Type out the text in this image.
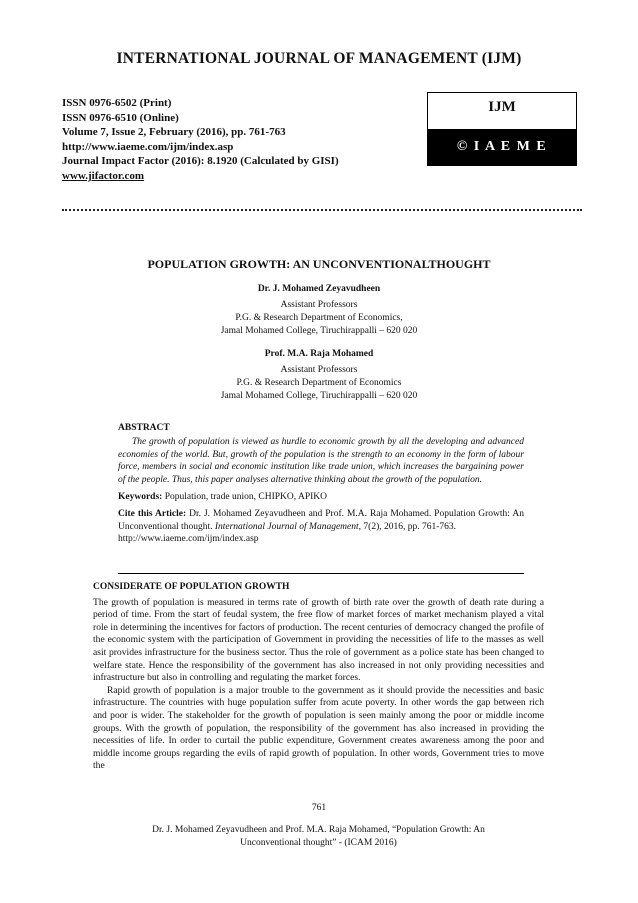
INTERNATIONAL JOURNAL OF MANAGEMENT (IJM)
ISSN 0976-6502 (Print)
ISSN 0976-6510 (Online)
Volume 7, Issue 2, February (2016), pp. 761-763
http://www.iaeme.com/ijm/index.asp
Journal Impact Factor (2016): 8.1920 (Calculated by GISI)
www.jifactor.com
IJM
© I A E M E
POPULATION GROWTH: AN UNCONVENTIONALTHOUGHT
Dr. J. Mohamed Zeyavudheen
Assistant Professors
P.G. & Research Department of Economics,
Jamal Mohamed College, Tiruchirappalli – 620 020
Prof. M.A. Raja Mohamed
Assistant Professors
P.G. & Research Department of Economics
Jamal Mohamed College, Tiruchirappalli – 620 020
ABSTRACT

The growth of population is viewed as hurdle to economic growth by all the developing and advanced economies of the world. But, growth of the population is the strength to an economy in the form of labour force, members in social and economic institution like trade union, which increases the bargaining power of the people. Thus, this paper analyses alternative thinking about the growth of the population.

Keywords: Population, trade union, CHIPKO, APIKO

Cite this Article: Dr. J. Mohamed Zeyavudheen and Prof. M.A. Raja Mohamed. Population Growth: An Unconventional thought. International Journal of Management, 7(2), 2016, pp. 761-763.

http://www.iaeme.com/ijm/index.asp

CONSIDERATE OF POPULATION GROWTH

The growth of population is measured in terms rate of growth of birth rate over the growth of death rate during a period of time. From the start of feudal system, the free flow of market forces of market mechanism played a vital role in determining the incentives for factors of production. The recent centuries of democracy changed the profile of the economic system with the participation of Government in providing the necessities of life to the masses as well asit provides infrastructure for the business sector. Thus the role of government as a police state has been changed to welfare state. Hence the responsibility of the government has also increased in not only providing necessities and infrastructure but also in controlling and regulating the market forces.

Rapid growth of population is a major trouble to the government as it should provide the necessities and basic infrastructure. The countries with huge population suffer from acute poverty. In other words the gap between rich and poor is wider. The stakeholder for the growth of population is seen mainly among the poor or middle income groups. With the growth of population, the responsibility of the government has also increased in providing the necessities of life. In order to curtail the public expenditure, Government creates awareness among the poor and middle income groups regarding the evils of rapid growth of population. In other words, Government tries to move the

761
Dr. J. Mohamed Zeyavudheen and Prof. M.A. Raja Mohamed, “Population Growth: An
Unconventional thought” - (ICAM 2016)
